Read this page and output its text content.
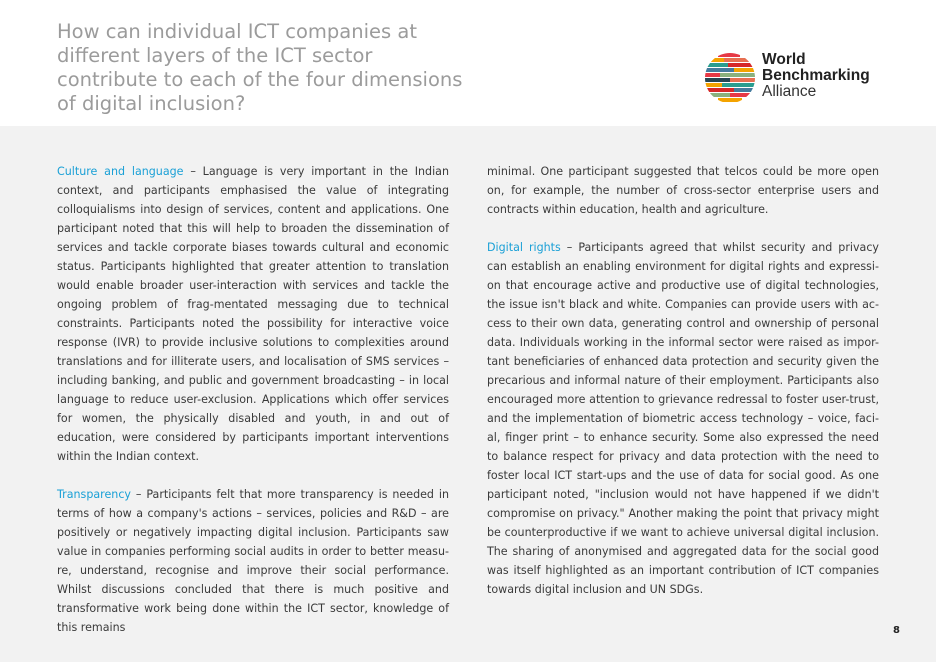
How can individual ICT companies at different layers of the ICT sector contribute to each of the four dimensions of digital inclusion?
World
Benchmarking
Alliance

Culture and language – Language is very important in the Indian context, and participants emphasised the value of integrating colloquialisms into design of services, content and applications. One participant noted that this will help to broaden the dissemination of services and tackle corporate biases towards cultural and economic status. Participants highlighted that greater attention to translation would enable broader user-interaction with services and tackle the ongoing problem of frag-mentated messaging due to technical constraints. Participants noted the possibility for interactive voice response (IVR) to provide inclusive solutions to complexities around translations and for illiterate users, and localisation of SMS services – including banking, and public and government broadcasting – in local language to reduce user-exclusion. Applications which offer services for women, the physically disabled and youth, in and out of education, were considered by participants important interventions within the Indian context.

Transparency – Participants felt that more transparency is needed in terms of how a company's actions – services, policies and R&D – are positively or negatively impacting digital inclusion. Participants saw value in companies performing social audits in order to better measu-re, understand, recognise and improve their social performance. Whilst discussions concluded that there is much positive and transformative work being done within the ICT sector, knowledge of this remains

minimal. One participant suggested that telcos could be more open on, for example, the number of cross-sector enterprise users and contracts within education, health and agriculture.

Digital rights – Participants agreed that whilst security and privacy can establish an enabling environment for digital rights and expressi-on that encourage active and productive use of digital technologies, the issue isn't black and white. Companies can provide users with ac-cess to their own data, generating control and ownership of personal data. Individuals working in the informal sector were raised as impor-tant beneficiaries of enhanced data protection and security given the precarious and informal nature of their employment. Participants also encouraged more attention to grievance redressal to foster user-trust, and the implementation of biometric access technology – voice, faci-al, finger print – to enhance security. Some also expressed the need to balance respect for privacy and data protection with the need to foster local ICT start-ups and the use of data for social good. As one participant noted, "inclusion would not have happened if we didn't compromise on privacy." Another making the point that privacy might be counterproductive if we want to achieve universal digital inclusion. The sharing of anonymised and aggregated data for the social good was itself highlighted as an important contribution of ICT companies towards digital inclusion and UN SDGs.

8
